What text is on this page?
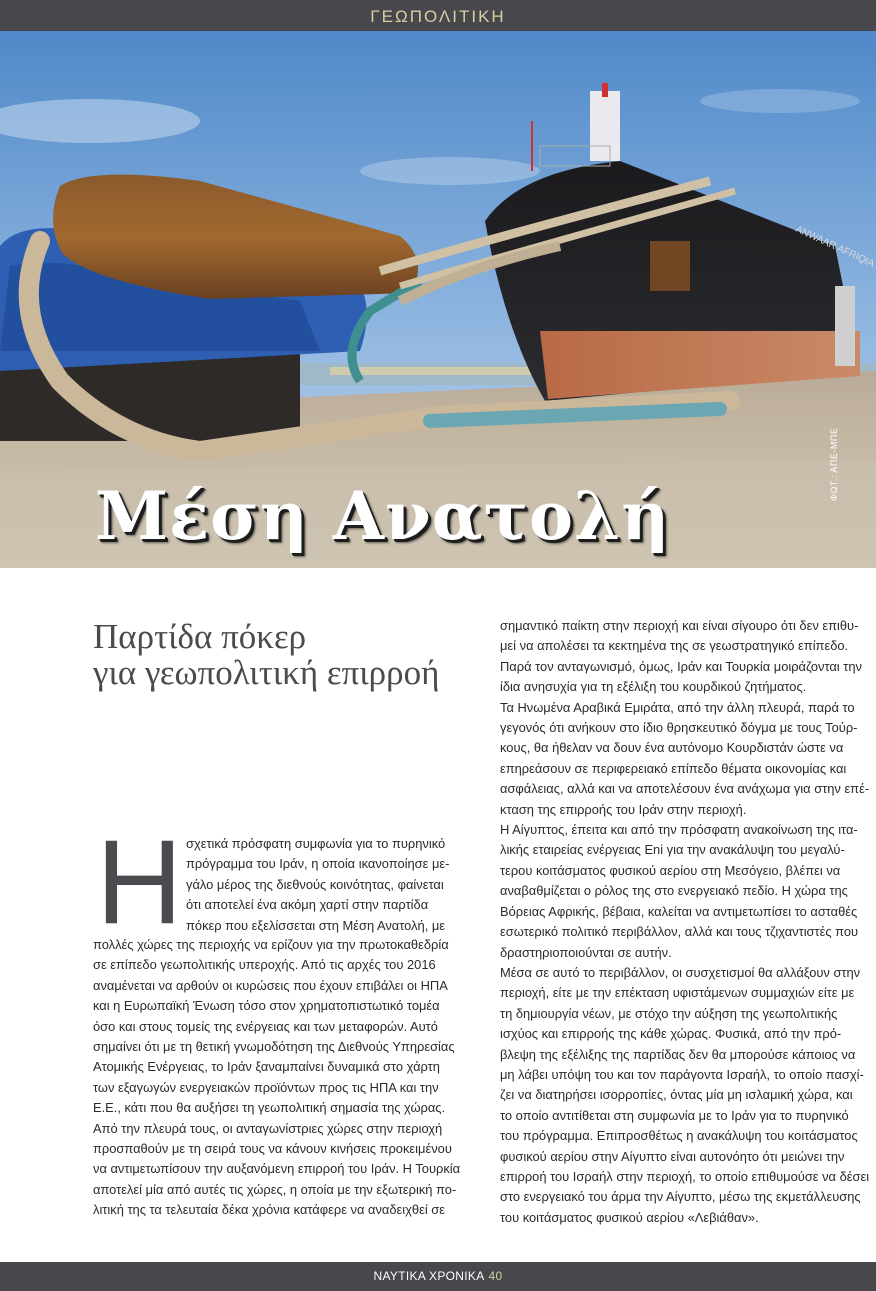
ΓΕΩΠΟΛΙΤΙΚΗ
ANWAAR AFRIQIA
Μέση Ανατολή
ΦΩΤ.: ΑΠΕ-ΜΠΕ
Παρτίδα πόκερ
για γεωπολιτική επιρροή
Η σχετικά πρόσφατη συμφωνία για το πυρηνικό

πρόγραμμα του Ιράν, η οποία ικανοποίησε με-

γάλο μέρος της διεθνούς κοινότητας, φαίνεται

ότι αποτελεί ένα ακόμη χαρτί στην παρτίδα

πόκερ που εξελίσσεται στη Μέση Ανατολή, με

πολλές χώρες της περιοχής να ερίζουν για την πρωτοκαθεδρία

σε επίπεδο γεωπολιτικής υπεροχής. Από τις αρχές του 2016

αναμένεται να αρθούν οι κυρώσεις που έχουν επιβάλει οι ΗΠΑ

και η Ευρωπαϊκή Ένωση τόσο στον χρηματοπιστωτικό τομέα

όσο και στους τομείς της ενέργειας και των μεταφορών. Αυτό

σημαίνει ότι με τη θετική γνωμοδότηση της Διεθνούς Υπηρεσίας

Ατομικής Ενέργειας, το Ιράν ξαναμπαίνει δυναμικά στο χάρτη

των εξαγωγών ενεργειακών προϊόντων προς τις ΗΠΑ και την

Ε.Ε., κάτι που θα αυξήσει τη γεωπολιτική σημασία της χώρας.

Από την πλευρά τους, οι ανταγωνίστριες χώρες στην περιοχή

προσπαθούν με τη σειρά τους να κάνουν κινήσεις προκειμένου

να αντιμετωπίσουν την αυξανόμενη επιρροή του Ιράν. Η Τουρκία

αποτελεί μία από αυτές τις χώρες, η οποία με την εξωτερική πο-

λιτική της τα τελευταία δέκα χρόνια κατάφερε να αναδειχθεί σε

σημαντικό παίκτη στην περιοχή και είναι σίγουρο ότι δεν επιθυ-

μεί να απολέσει τα κεκτημένα της σε γεωστρατηγικό επίπεδο.

Παρά τον ανταγωνισμό, όμως, Ιράν και Τουρκία μοιράζονται την

ίδια ανησυχία για τη εξέλιξη του κουρδικού ζητήματος.

Τα Ηνωμένα Αραβικά Εμιράτα, από την άλλη πλευρά, παρά το

γεγονός ότι ανήκουν στο ίδιο θρησκευτικό δόγμα με τους Τούρ-

κους, θα ήθελαν να δουν ένα αυτόνομο Κουρδιστάν ώστε να

επηρεάσουν σε περιφερειακό επίπεδο θέματα οικονομίας και

ασφάλειας, αλλά και να αποτελέσουν ένα ανάχωμα για στην επέ-

κταση της επιρροής του Ιράν στην περιοχή.

Η Αίγυπτος, έπειτα και από την πρόσφατη ανακοίνωση της ιτα-

λικής εταιρείας ενέργειας Eni για την ανακάλυψη του μεγαλύ-

τερου κοιτάσματος φυσικού αερίου στη Μεσόγειο, βλέπει να

αναβαθμίζεται ο ρόλος της στο ενεργειακό πεδίο. Η χώρα της

Βόρειας Αφρικής, βέβαια, καλείται να αντιμετωπίσει το ασταθές

εσωτερικό πολιτικό περιβάλλον, αλλά και τους τζιχαντιστές που

δραστηριοποιούνται σε αυτήν.

Μέσα σε αυτό το περιβάλλον, οι συσχετισμοί θα αλλάξουν στην

περιοχή, είτε με την επέκταση υφιστάμενων συμμαχιών είτε με

τη δημιουργία νέων, με στόχο την αύξηση της γεωπολιτικής

ισχύος και επιρροής της κάθε χώρας. Φυσικά, από την πρό-

βλεψη της εξέλιξης της παρτίδας δεν θα μπορούσε κάποιος να

μη λάβει υπόψη του και τον παράγοντα Ισραήλ, το οποίο πασχί-

ζει να διατηρήσει ισορροπίες, όντας μία μη ισλαμική χώρα, και

το οποίο αντιτίθεται στη συμφωνία με το Ιράν για το πυρηνικό

του πρόγραμμα. Επιπροσθέτως η ανακάλυψη του κοιτάσματος

φυσικού αερίου στην Αίγυπτο είναι αυτονόητο ότι μειώνει την

επιρροή του Ισραήλ στην περιοχή, το οποίο επιθυμούσε να δέσει

στο ενεργειακό του άρμα την Αίγυπτο, μέσω της εκμετάλλευσης

του κοιτάσματος φυσικού αερίου «Λεβιάθαν».

ΝΑΥΤΙΚΑ ΧΡΟΝΙΚΑ 40
